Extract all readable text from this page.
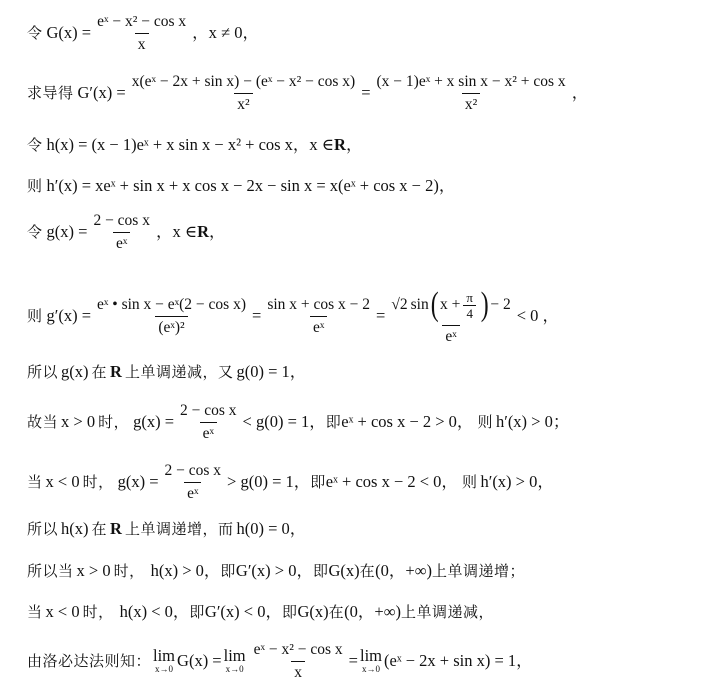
令 $G(x) = \frac{\text{eˣ − x² − cos x}}{x}$ ，x ≠ 0，
求导得 $G'(x) = \frac{\text{x(eˣ − 2x + sin x) − (eˣ − x² − cos x)}}{\text{x²}} = \frac{\text{(x − 1)eˣ + x sin x − x² + cos x}}{\text{x²}}$ ，
令 h(x) = (x − 1)eˣ + x sin x − x² + cos x，x ∈ R ，
则 h′(x) = xeˣ + sin x + x cos x − 2x − sin x = x(eˣ + cos x − 2)，
令 $g(x) = \frac{\text{2 − cos x}}{\text{eˣ}}$ ，x ∈ R ，
则 $g'(x) = \frac{\text{eˣ • sin x − eˣ(2 − cos x)}}{\text{(eˣ)²}} = \frac{\text{sin x + cos x − 2}}{\text{eˣ}}$ =
√2 sin ( $x + \frac{\pi}{4}$ ) − 2
eˣ
< 0 ，
所以 g(x) 在 R 上单调递减，又 g(0) = 1，
故当 x > 0 时， $g(x) = \frac{\text{2 − cos x}}{\text{eˣ}} < g(0) = 1$， 即 eˣ + cos x − 2 > 0， 则 h′(x) > 0；
当 x < 0 时， $g(x) = \frac{\text{2 − cos x}}{\text{eˣ}} > g(0) = 1$， 即 eˣ + cos x − 2 < 0， 则 h′(x) > 0，
所以 h(x) 在 R 上单调递增，而 h(0) = 0，
所以当 x > 0 时， h(x) > 0， 即 G′(x) > 0， 即 G(x) 在 (0，+∞) 上单调递增；
当 x < 0 时， h(x) < 0， 即 G′(x) < 0， 即 G(x) 在 (0，+∞) 上单调递减，
由洛必达法则知： lim
x→0 G(x) = lim
$x\to 0 \frac{\text{eˣ − x² − cos x}}{x} = \lim$
x→0 (eˣ − 2x + sin x) = 1，
